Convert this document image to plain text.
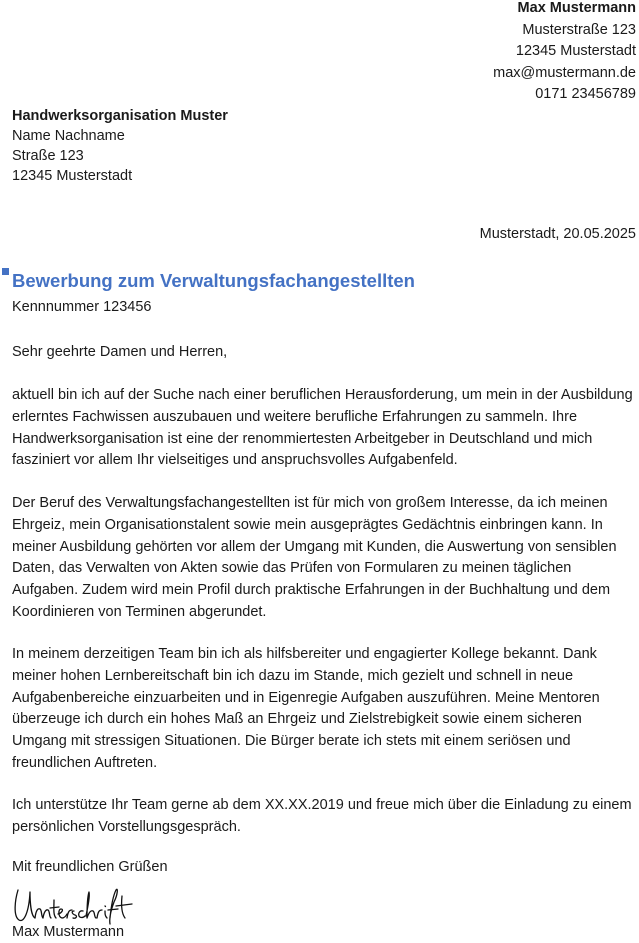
Max Mustermann
Musterstraße 123
12345 Musterstadt
max@mustermann.de
0171 23456789
Handwerksorganisation Muster
Name Nachname
Straße 123
12345 Musterstadt
Musterstadt, 20.05.2025
Bewerbung zum Verwaltungsfachangestellten
Kennnummer 123456
Sehr geehrte Damen und Herren,
aktuell bin ich auf der Suche nach einer beruflichen Herausforderung, um mein in der Ausbildung erlerntes Fachwissen auszubauen und weitere berufliche Erfahrungen zu sammeln. Ihre Handwerksorganisation ist eine der renommiertesten Arbeitgeber in Deutschland und mich fasziniert vor allem Ihr vielseitiges und anspruchsvolles Aufgabenfeld.
Der Beruf des Verwaltungsfachangestellten ist für mich von großem Interesse, da ich meinen Ehrgeiz, mein Organisationstalent sowie mein ausgeprägtes Gedächtnis einbringen kann. In meiner Ausbildung gehörten vor allem der Umgang mit Kunden, die Auswertung von sensiblen Daten, das Verwalten von Akten sowie das Prüfen von Formularen zu meinen täglichen Aufgaben. Zudem wird mein Profil durch praktische Erfahrungen in der Buchhaltung und dem Koordinieren von Terminen abgerundet.
In meinem derzeitigen Team bin ich als hilfsbereiter und engagierter Kollege bekannt. Dank meiner hohen Lernbereitschaft bin ich dazu im Stande, mich gezielt und schnell in neue Aufgabenbereiche einzuarbeiten und in Eigenregie Aufgaben auszuführen. Meine Mentoren überzeuge ich durch ein hohes Maß an Ehrgeiz und Zielstrebigkeit sowie einem sicheren Umgang mit stressigen Situationen. Die Bürger berate ich stets mit einem seriösen und freundlichen Auftreten.
Ich unterstütze Ihr Team gerne ab dem XX.XX.2019 und freue mich über die Einladung zu einem persönlichen Vorstellungsgespräch.
Mit freundlichen Grüßen
Max Mustermann
